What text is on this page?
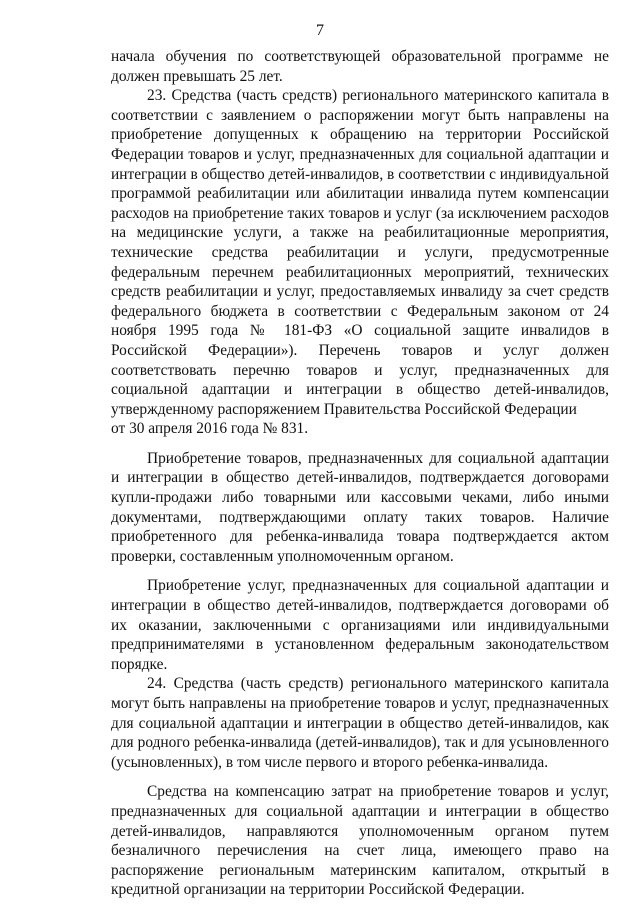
7

начала обучения по соответствующей образовательной программе не должен превышать 25 лет.

23. Средства (часть средств) регионального материнского капитала в соответствии с заявлением о распоряжении могут быть направлены на приобретение допущенных к обращению на территории Российской Федерации товаров и услуг, предназначенных для социальной адаптации и интеграции в общество детей-инвалидов, в соответствии с индивидуальной программой реабилитации или абилитации инвалида путем компенсации расходов на приобретение таких товаров и услуг (за исключением расходов на медицинские услуги, а также на реабилитационные мероприятия, технические средства реабилитации и услуги, предусмотренные федеральным перечнем реабилитационных мероприятий, технических средств реабилитации и услуг, предоставляемых инвалиду за счет средств федерального бюджета в соответствии с Федеральным законом от 24 ноября 1995 года № 181-ФЗ «О социальной защите инвалидов в Российской Федерации»). Перечень товаров и услуг должен соответствовать перечню товаров и услуг, предназначенных для социальной адаптации и интеграции в общество детей-инвалидов, утвержденному распоряжением Правительства Российской Федерации

от 30 апреля 2016 года № 831.

Приобретение товаров, предназначенных для социальной адаптации и интеграции в общество детей-инвалидов, подтверждается договорами купли-продажи либо товарными или кассовыми чеками, либо иными документами, подтверждающими оплату таких товаров. Наличие приобретенного для ребенка-инвалида товара подтверждается актом проверки, составленным уполномоченным органом.

Приобретение услуг, предназначенных для социальной адаптации и интеграции в общество детей-инвалидов, подтверждается договорами об их оказании, заключенными с организациями или индивидуальными предпринимателями в установленном федеральным законодательством порядке.

24. Средства (часть средств) регионального материнского капитала могут быть направлены на приобретение товаров и услуг, предназначенных для социальной адаптации и интеграции в общество детей-инвалидов, как для родного ребенка-инвалида (детей-инвалидов), так и для усыновленного (усыновленных), в том числе первого и второго ребенка-инвалида.

Средства на компенсацию затрат на приобретение товаров и услуг, предназначенных для социальной адаптации и интеграции в общество детей-инвалидов, направляются уполномоченным органом путем безналичного перечисления на счет лица, имеющего право на распоряжение региональным материнским капиталом, открытый в кредитной организации на территории Российской Федерации.
